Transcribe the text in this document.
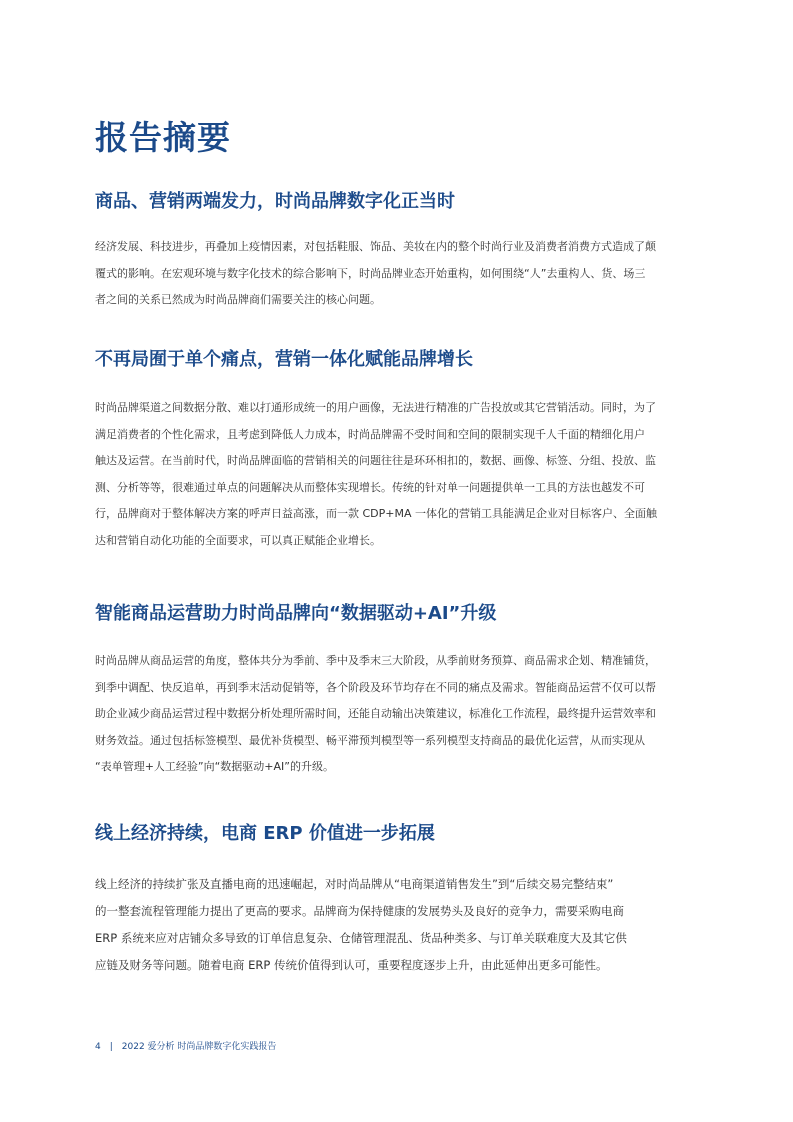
报告摘要
商品、营销两端发力，时尚品牌数字化正当时
经济发展、科技进步，再叠加上疫情因素，对包括鞋服、饰品、美妆在内的整个时尚行业及消费者消费方式造成了颠
覆式的影响。在宏观环境与数字化技术的综合影响下，时尚品牌业态开始重构，如何围绕“人”去重构人、货、场三
者之间的关系已然成为时尚品牌商们需要关注的核心问题。
不再局囿于单个痛点，营销一体化赋能品牌增长
时尚品牌渠道之间数据分散、难以打通形成统一的用户画像，无法进行精准的广告投放或其它营销活动。同时，为了
满足消费者的个性化需求，且考虑到降低人力成本，时尚品牌需不受时间和空间的限制实现千人千面的精细化用户
触达及运营。在当前时代，时尚品牌面临的营销相关的问题往往是环环相扣的，数据、画像、标签、分组、投放、监
测、分析等等，很难通过单点的问题解决从而整体实现增长。传统的针对单一问题提供单一工具的方法也越发不可
行，品牌商对于整体解决方案的呼声日益高涨，而一款 CDP+MA 一体化的营销工具能满足企业对目标客户、全面触
达和营销自动化功能的全面要求，可以真正赋能企业增长。
智能商品运营助力时尚品牌向“数据驱动+AI”升级
时尚品牌从商品运营的角度，整体共分为季前、季中及季末三大阶段，从季前财务预算、商品需求企划、精准铺货，
到季中调配、快反追单，再到季末活动促销等，各个阶段及环节均存在不同的痛点及需求。智能商品运营不仅可以帮
助企业减少商品运营过程中数据分析处理所需时间，还能自动输出决策建议，标准化工作流程，最终提升运营效率和
财务效益。通过包括标签模型、最优补货模型、畅平滞预判模型等一系列模型支持商品的最优化运营，从而实现从
“表单管理+人工经验”向“数据驱动+AI”的升级。
线上经济持续，电商 ERP 价值进一步拓展
线上经济的持续扩张及直播电商的迅速崛起，对时尚品牌从“电商渠道销售发生”到“后续交易完整结束”
的一整套流程管理能力提出了更高的要求。品牌商为保持健康的发展势头及良好的竞争力，需要采购电商
ERP 系统来应对店铺众多导致的订单信息复杂、仓储管理混乱、货品种类多、与订单关联难度大及其它供
应链及财务等问题。随着电商 ERP 传统价值得到认可，重要程度逐步上升，由此延伸出更多可能性。
4 | 2022 爱分析 时尚品牌数字化实践报告
